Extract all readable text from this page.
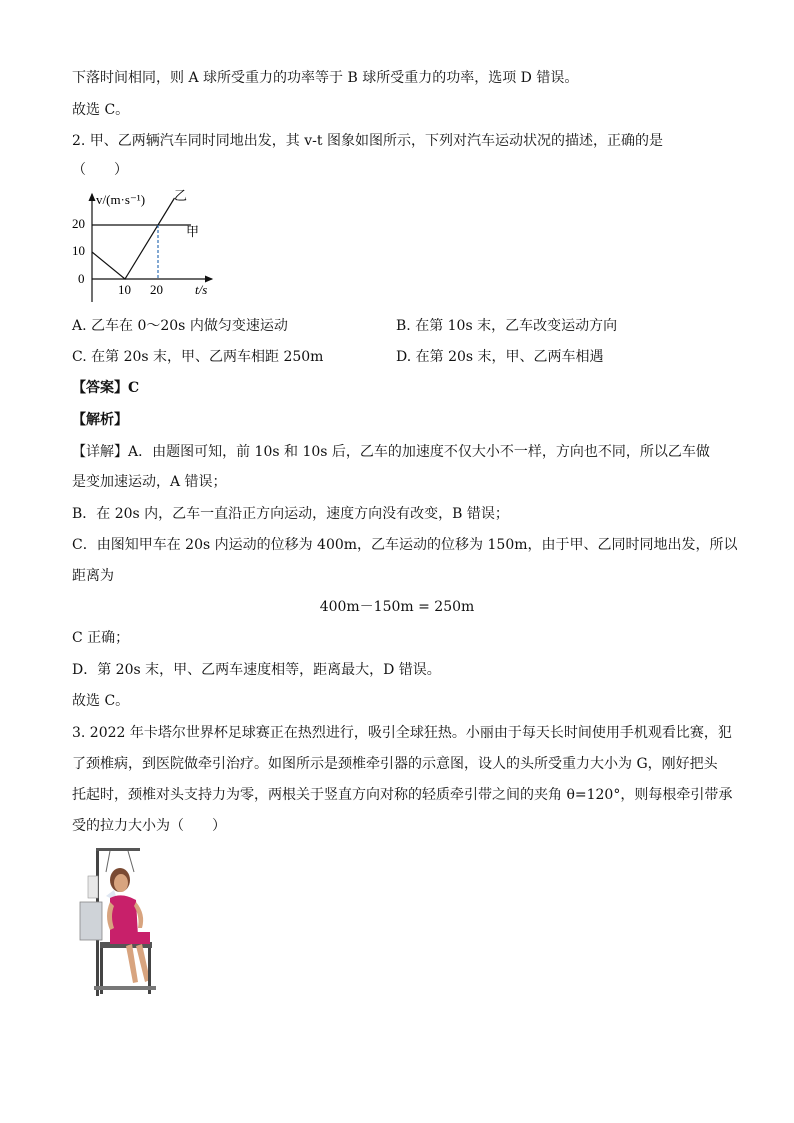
下落时间相同，则 A 球所受重力的功率等于 B 球所受重力的功率，选项 D 错误。
故选 C。
2. 甲、乙两辆汽车同时同地出发，其 v-t 图象如图所示，下列对汽车运动状况的描述，正确的是
（　　）
v/(m·s⁻¹)
t/s
20
10
0
10 20
甲
乙
A. 乙车在 0～20s 内做匀变速运动	B. 在第 10s 末，乙车改变运动方向
C. 在第 20s 末，甲、乙两车相距 250m	D. 在第 20s 末，甲、乙两车相遇
【答案】C
【解析】
【详解】A．由题图可知，前 10s 和 10s 后，乙车的加速度不仅大小不一样，方向也不同，所以乙车做
是变加速运动，A 错误；
B．在 20s 内，乙车一直沿正方向运动，速度方向没有改变，B 错误；
C．由图知甲车在 20s 内运动的位移为 400m，乙车运动的位移为 150m，由于甲、乙同时同地出发，所以
距离为
400m－150m = 250m
C 正确；
D．第 20s 末，甲、乙两车速度相等，距离最大，D 错误。
故选 C。
3. 2022 年卡塔尔世界杯足球赛正在热烈进行，吸引全球狂热。小丽由于每天长时间使用手机观看比赛，犯
了颈椎病，到医院做牵引治疗。如图所示是颈椎牵引器的示意图，设人的头所受重力大小为 G，刚好把头
托起时，颈椎对头支持力为零，两根关于竖直方向对称的轻质牵引带之间的夹角 θ=120°，则每根牵引带承
受的拉力大小为（　　）
